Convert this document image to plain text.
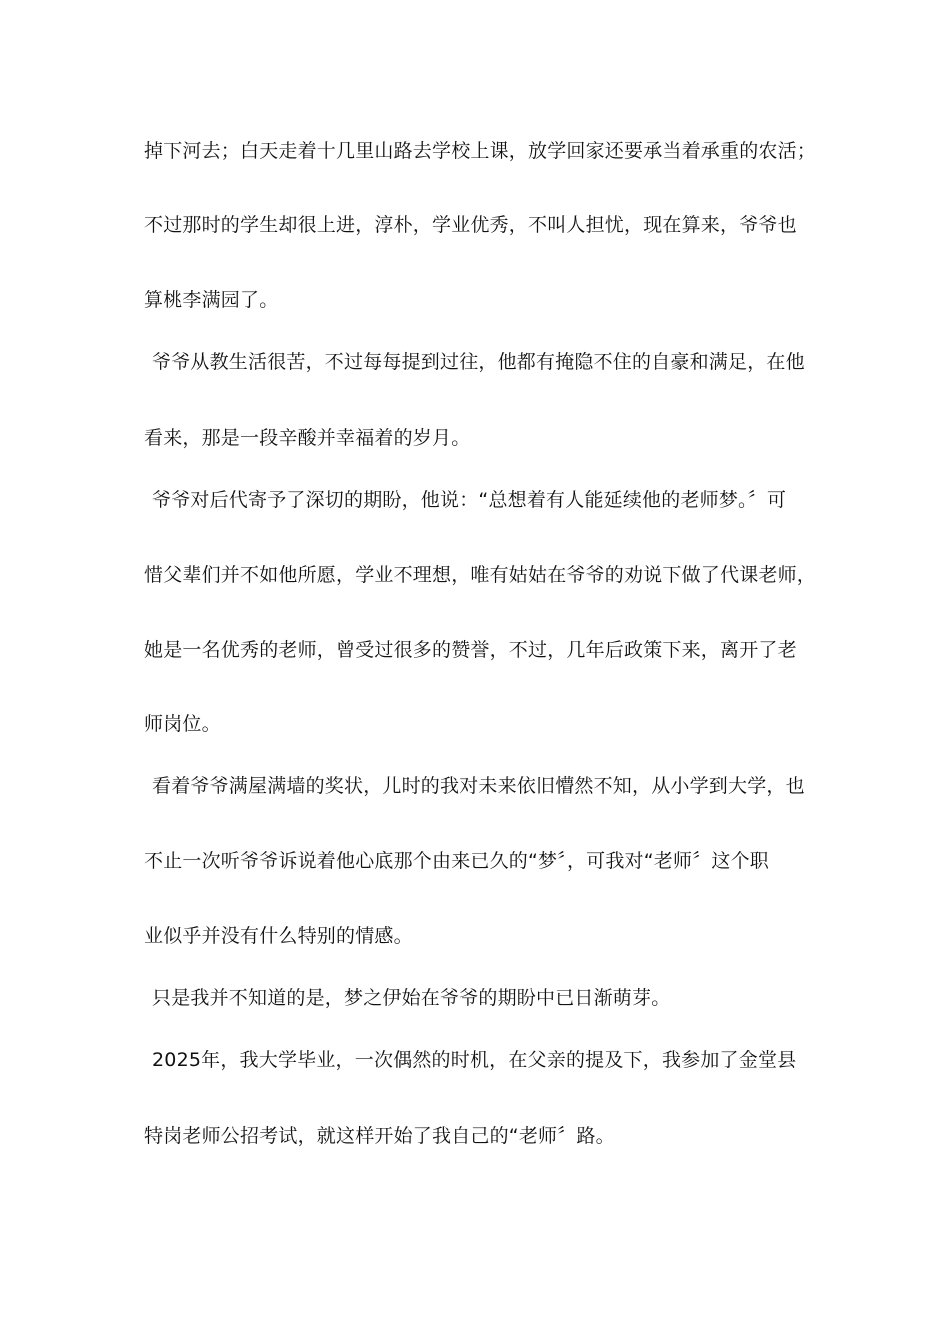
掉下河去；白天走着十几里山路去学校上课，放学回家还要承当着承重的农活；
不过那时的学生却很上进，淳朴，学业优秀，不叫人担忧，现在算来，爷爷也
算桃李满园了。
爷爷从教生活很苦，不过每每提到过往，他都有掩隐不住的自豪和满足，在他
看来，那是一段辛酸并幸福着的岁月。
爷爷对后代寄予了深切的期盼，他说：“总想着有人能延续他的老师梦。〞可
惜父辈们并不如他所愿，学业不理想，唯有姑姑在爷爷的劝说下做了代课老师，
她是一名优秀的老师，曾受过很多的赞誉，不过，几年后政策下来，离开了老
师岗位。
看着爷爷满屋满墙的奖状，儿时的我对未来依旧懵然不知，从小学到大学，也
不止一次听爷爷诉说着他心底那个由来已久的“梦〞，可我对“老师〞这个职
业似乎并没有什么特别的情感。
只是我并不知道的是，梦之伊始在爷爷的期盼中已日渐萌芽。
2025年，我大学毕业，一次偶然的时机，在父亲的提及下，我参加了金堂县
特岗老师公招考试，就这样开始了我自己的“老师〞路。
